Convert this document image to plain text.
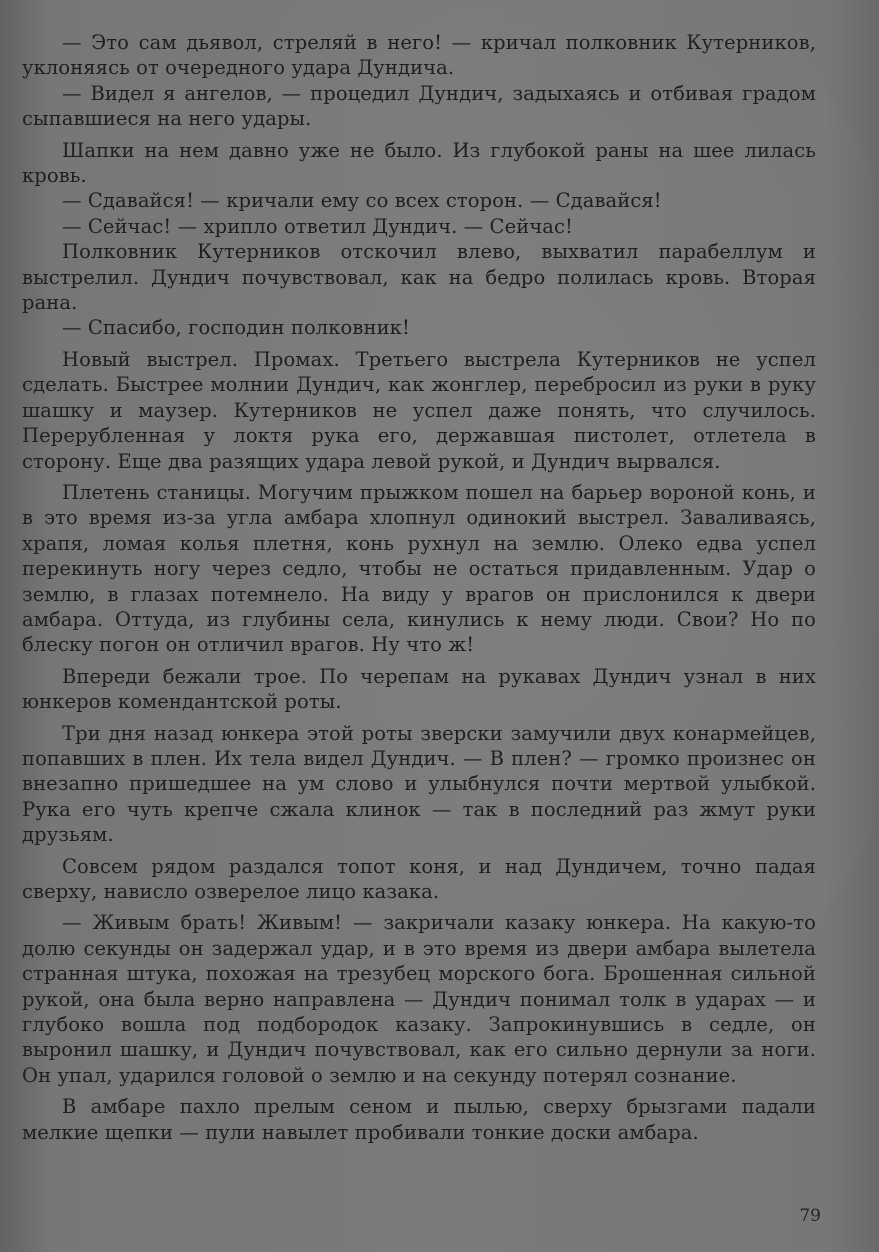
— Это сам дьявол, стреляй в него! — кричал полковник Кутерников, уклоняясь от очередного удара Дундича.

— Видел я ангелов, — процедил Дундич, задыхаясь и отбивая градом сыпавшиеся на него удары.

Шапки на нем давно уже не было. Из глубокой раны на шее лилась кровь.

— Сдавайся! — кричали ему со всех сторон. — Сдавайся!

— Сейчас! — хрипло ответил Дундич. — Сейчас!

Полковник Кутерников отскочил влево, выхватил парабеллум и выстрелил. Дундич почувствовал, как на бедро полилась кровь. Вторая рана.

— Спасибо, господин полковник!

Новый выстрел. Промах. Третьего выстрела Кутерников не успел сделать. Быстрее молнии Дундич, как жонглер, перебросил из руки в руку шашку и маузер. Кутерников не успел даже понять, что случилось. Перерубленная у локтя рука его, державшая пистолет, отлетела в сторону. Еще два разящих удара левой рукой, и Дундич вырвался.

Плетень станицы. Могучим прыжком пошел на барьер вороной конь, и в это время из-за угла амбара хлопнул одинокий выстрел. Заваливаясь, храпя, ломая колья плетня, конь рухнул на землю. Олеко едва успел перекинуть ногу через седло, чтобы не остаться придавленным. Удар о землю, в глазах потемнело. На виду у врагов он прислонился к двери амбара. Оттуда, из глубины села, кинулись к нему люди. Свои? Но по блеску погон он отличил врагов. Ну что ж!

Впереди бежали трое. По черепам на рукавах Дундич узнал в них юнкеров комендантской роты.

Три дня назад юнкера этой роты зверски замучили двух конармейцев, попавших в плен. Их тела видел Дундич. — В плен? — громко произнес он внезапно пришедшее на ум слово и улыбнулся почти мертвой улыбкой. Рука его чуть крепче сжала клинок — так в последний раз жмут руки друзьям.

Совсем рядом раздался топот коня, и над Дундичем, точно падая сверху, нависло озверелое лицо казака.

— Живым брать! Живым! — закричали казаку юнкера. На какую-то долю секунды он задержал удар, и в это время из двери амбара вылетела странная штука, похожая на трезубец морского бога. Брошенная сильной рукой, она была верно направлена — Дундич понимал толк в ударах — и глубоко вошла под подбородок казаку. Запрокинувшись в седле, он выронил шашку, и Дундич почувствовал, как его сильно дернули за ноги. Он упал, ударился головой о землю и на секунду потерял сознание.

В амбаре пахло прелым сеном и пылью, сверху брызгами падали мелкие щепки — пули навылет пробивали тонкие доски амбара.

79
